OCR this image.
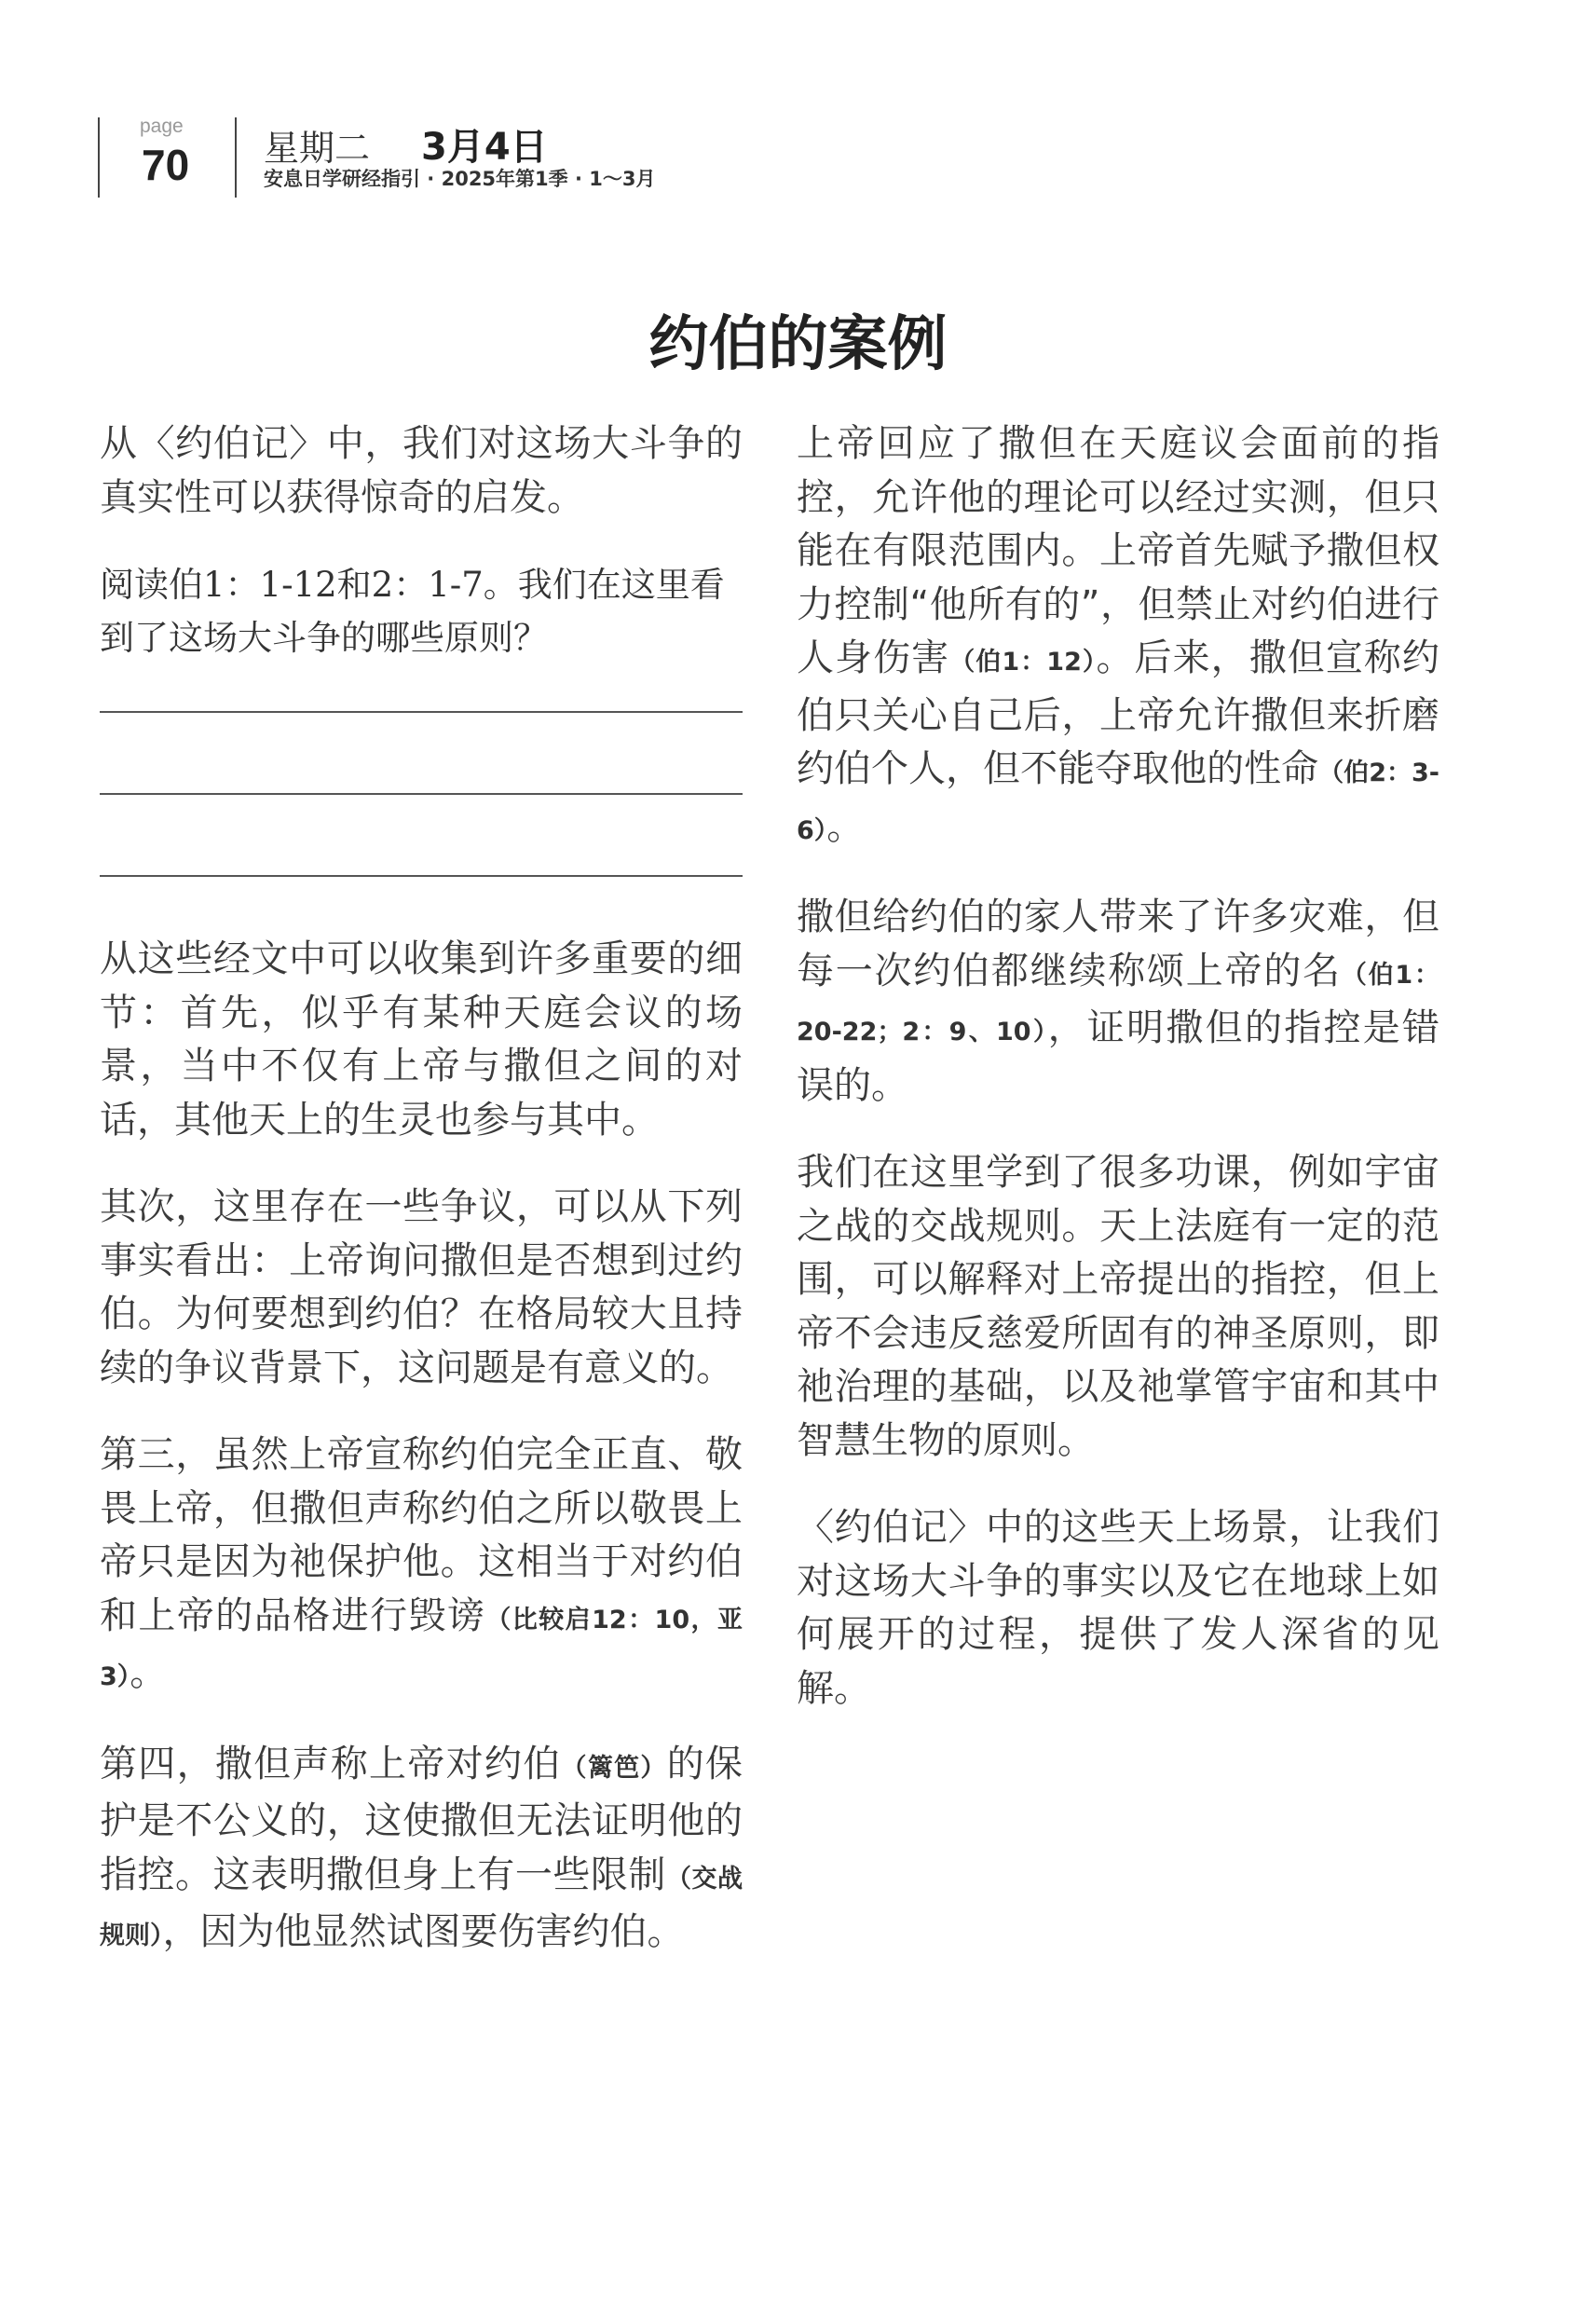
page
70 星期二 3月4日
安息日学研经指引 · 2025年第1季 · 1～3月
约伯的案例

从〈约伯记〉中，我们对这场大斗争的真实性可以获得惊奇的启发。

阅读伯1：1-12和2：1-7。我们在这里看到了这场大斗争的哪些原则？

从这些经文中可以收集到许多重要的细节：首先，似乎有某种天庭会议的场景，当中不仅有上帝与撒但之间的对话，其他天上的生灵也参与其中。

其次，这里存在一些争议，可以从下列事实看出：上帝询问撒但是否想到过约伯。为何要想到约伯？在格局较大且持续的争议背景下，这问题是有意义的。

第三，虽然上帝宣称约伯完全正直、敬畏上帝，但撒但声称约伯之所以敬畏上帝只是因为祂保护他。这相当于对约伯和上帝的品格进行毁谤（比较启12：10，亚3）。

第四，撒但声称上帝对约伯（篱笆）的保护是不公义的，这使撒但无法证明他的指控。这表明撒但身上有一些限制（交战规则），因为他显然试图要伤害约伯。

上帝回应了撒但在天庭议会面前的指控，允许他的理论可以经过实测，但只能在有限范围内。上帝首先赋予撒但权力控制“他所有的”，但禁止对约伯进行人身伤害（伯1：12）。后来，撒但宣称约伯只关心自己后，上帝允许撒但来折磨约伯个人，但不能夺取他的性命（伯2：3-6）。

撒但给约伯的家人带来了许多灾难，但每一次约伯都继续称颂上帝的名（伯1：20-22；2：9、10），证明撒但的指控是错误的。

我们在这里学到了很多功课，例如宇宙之战的交战规则。天上法庭有一定的范围，可以解释对上帝提出的指控，但上帝不会违反慈爱所固有的神圣原则，即祂治理的基础，以及祂掌管宇宙和其中智慧生物的原则。

〈约伯记〉中的这些天上场景，让我们对这场大斗争的事实以及它在地球上如何展开的过程，提供了发人深省的见解。
